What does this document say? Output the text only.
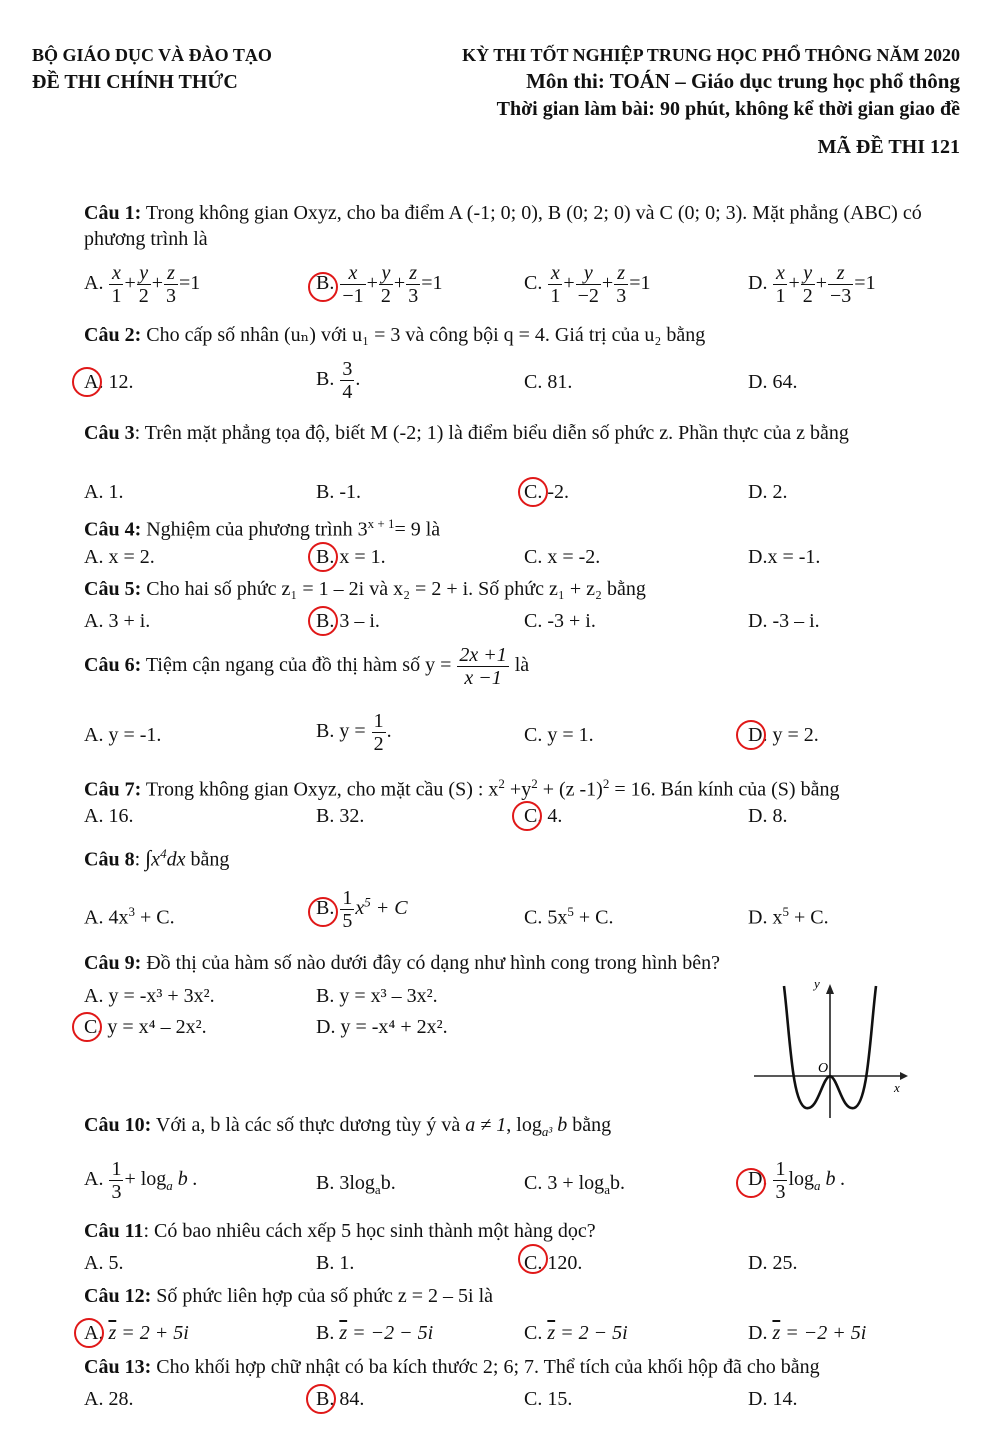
BỘ GIÁO DỤC VÀ ĐÀO TẠO
ĐỀ THI CHÍNH THỨC
KỲ THI TỐT NGHIỆP TRUNG HỌC PHỔ THÔNG NĂM 2020
Môn thi: TOÁN – Giáo dục trung học phổ thông
Thời gian làm bài: 90 phút, không kể thời gian giao đề
MÃ ĐỀ THI 121
Câu 1: Trong không gian Oxyz, cho ba điểm A (-1; 0; 0), B (0; 2; 0) và C (0; 0; 3). Mặt phẳng (ABC) có phương trình là
A. $\frac{x}{1} + \frac{y}{2} + \frac{z}{3} =1$	B. $\frac{x}{-1} + \frac{y}{2} + \frac{z}{3} =1$	C. $\frac{x}{1} + \frac{y}{-2} + \frac{z}{3} =1$	D. $\frac{x}{1} + \frac{y}{2} + \frac{z}{-3} =1$
Câu 2: Cho cấp số nhân (uₙ) với u₁ = 3 và công bội q = 4. Giá trị của u₂ bằng
A. 12.	B. $\frac{3}{4}$ .	C. 81.	D. 64.
Câu 3: Trên mặt phẳng tọa độ, biết M (-2; 1) là điểm biểu diễn số phức z. Phần thực của z bằng
A. 1.	B. -1.	C. -2.	D. 2.
Câu 4: Nghiệm của phương trình $3^{x + 1}= 9$ là
A. x = 2.	B. x = 1.	C. x = -2.	D.x = -1.
Câu 5: Cho hai số phức z₁ = 1 – 2i và x₂ = 2 + i. Số phức z₁ + z₂ bằng
A. 3 + i.	B. 3 – i.	C. -3 + i.	D. -3 – i.
Câu 6: Tiệm cận ngang của đồ thị hàm số $y = \frac{2x +1}{x -1}$ là
A. y = -1.	B. $y = \frac{1}{2}$ .	C. y = 1.	D. y = 2.
Câu 7: Trong không gian Oxyz, cho mặt cầu (S) : $x^2 +y^2 + (z$ -1)$^2$ = 16. Bán kính của (S) bằng
A. 16.	B. 32.	C. 4.	D. 8.
Câu 8: $\int x^4dx$ bằng
A. $4x^3 + C$.	B. $\frac{1}{5} x^5 + C$	C. $5x^5 + C$.	D. $x^5 + C$.
Câu 9: Đồ thị của hàm số nào dưới đây có dạng như hình cong trong hình bên?
A. y = -x³ + 3x².	B. y = x³ – 3x².
C. y = x⁴ – 2x².	D. y = -x⁴ + 2x².
y
O
x
Câu 10: Với a, b là các số thực dương tùy ý và a ≠ 1, $\log_{a^3} b$ bằng
A. $\frac{1}{3} + \log_a b$ .	B. $3\log_ab$.	C. $3 + \log_ab$.	D. $\frac{1}{3} \log_a b$ .
Câu 11: Có bao nhiêu cách xếp 5 học sinh thành một hàng dọc?
A. 5.	B. 1.	C. 120.	D. 25.
Câu 12: Số phức liên hợp của số phức z = 2 – 5i là
A. $\overline{z} = 2 + 5i$	B. $\overline{z} = -2 - 5i$	C. $\overline{z} = 2 - 5i$	D. $\overline{z} = -2 + 5i$
Câu 13: Cho khối hợp chữ nhật có ba kích thước 2; 6; 7. Thể tích của khối hộp đã cho bằng
A. 28.	B. 84.	C. 15.	D. 14.
